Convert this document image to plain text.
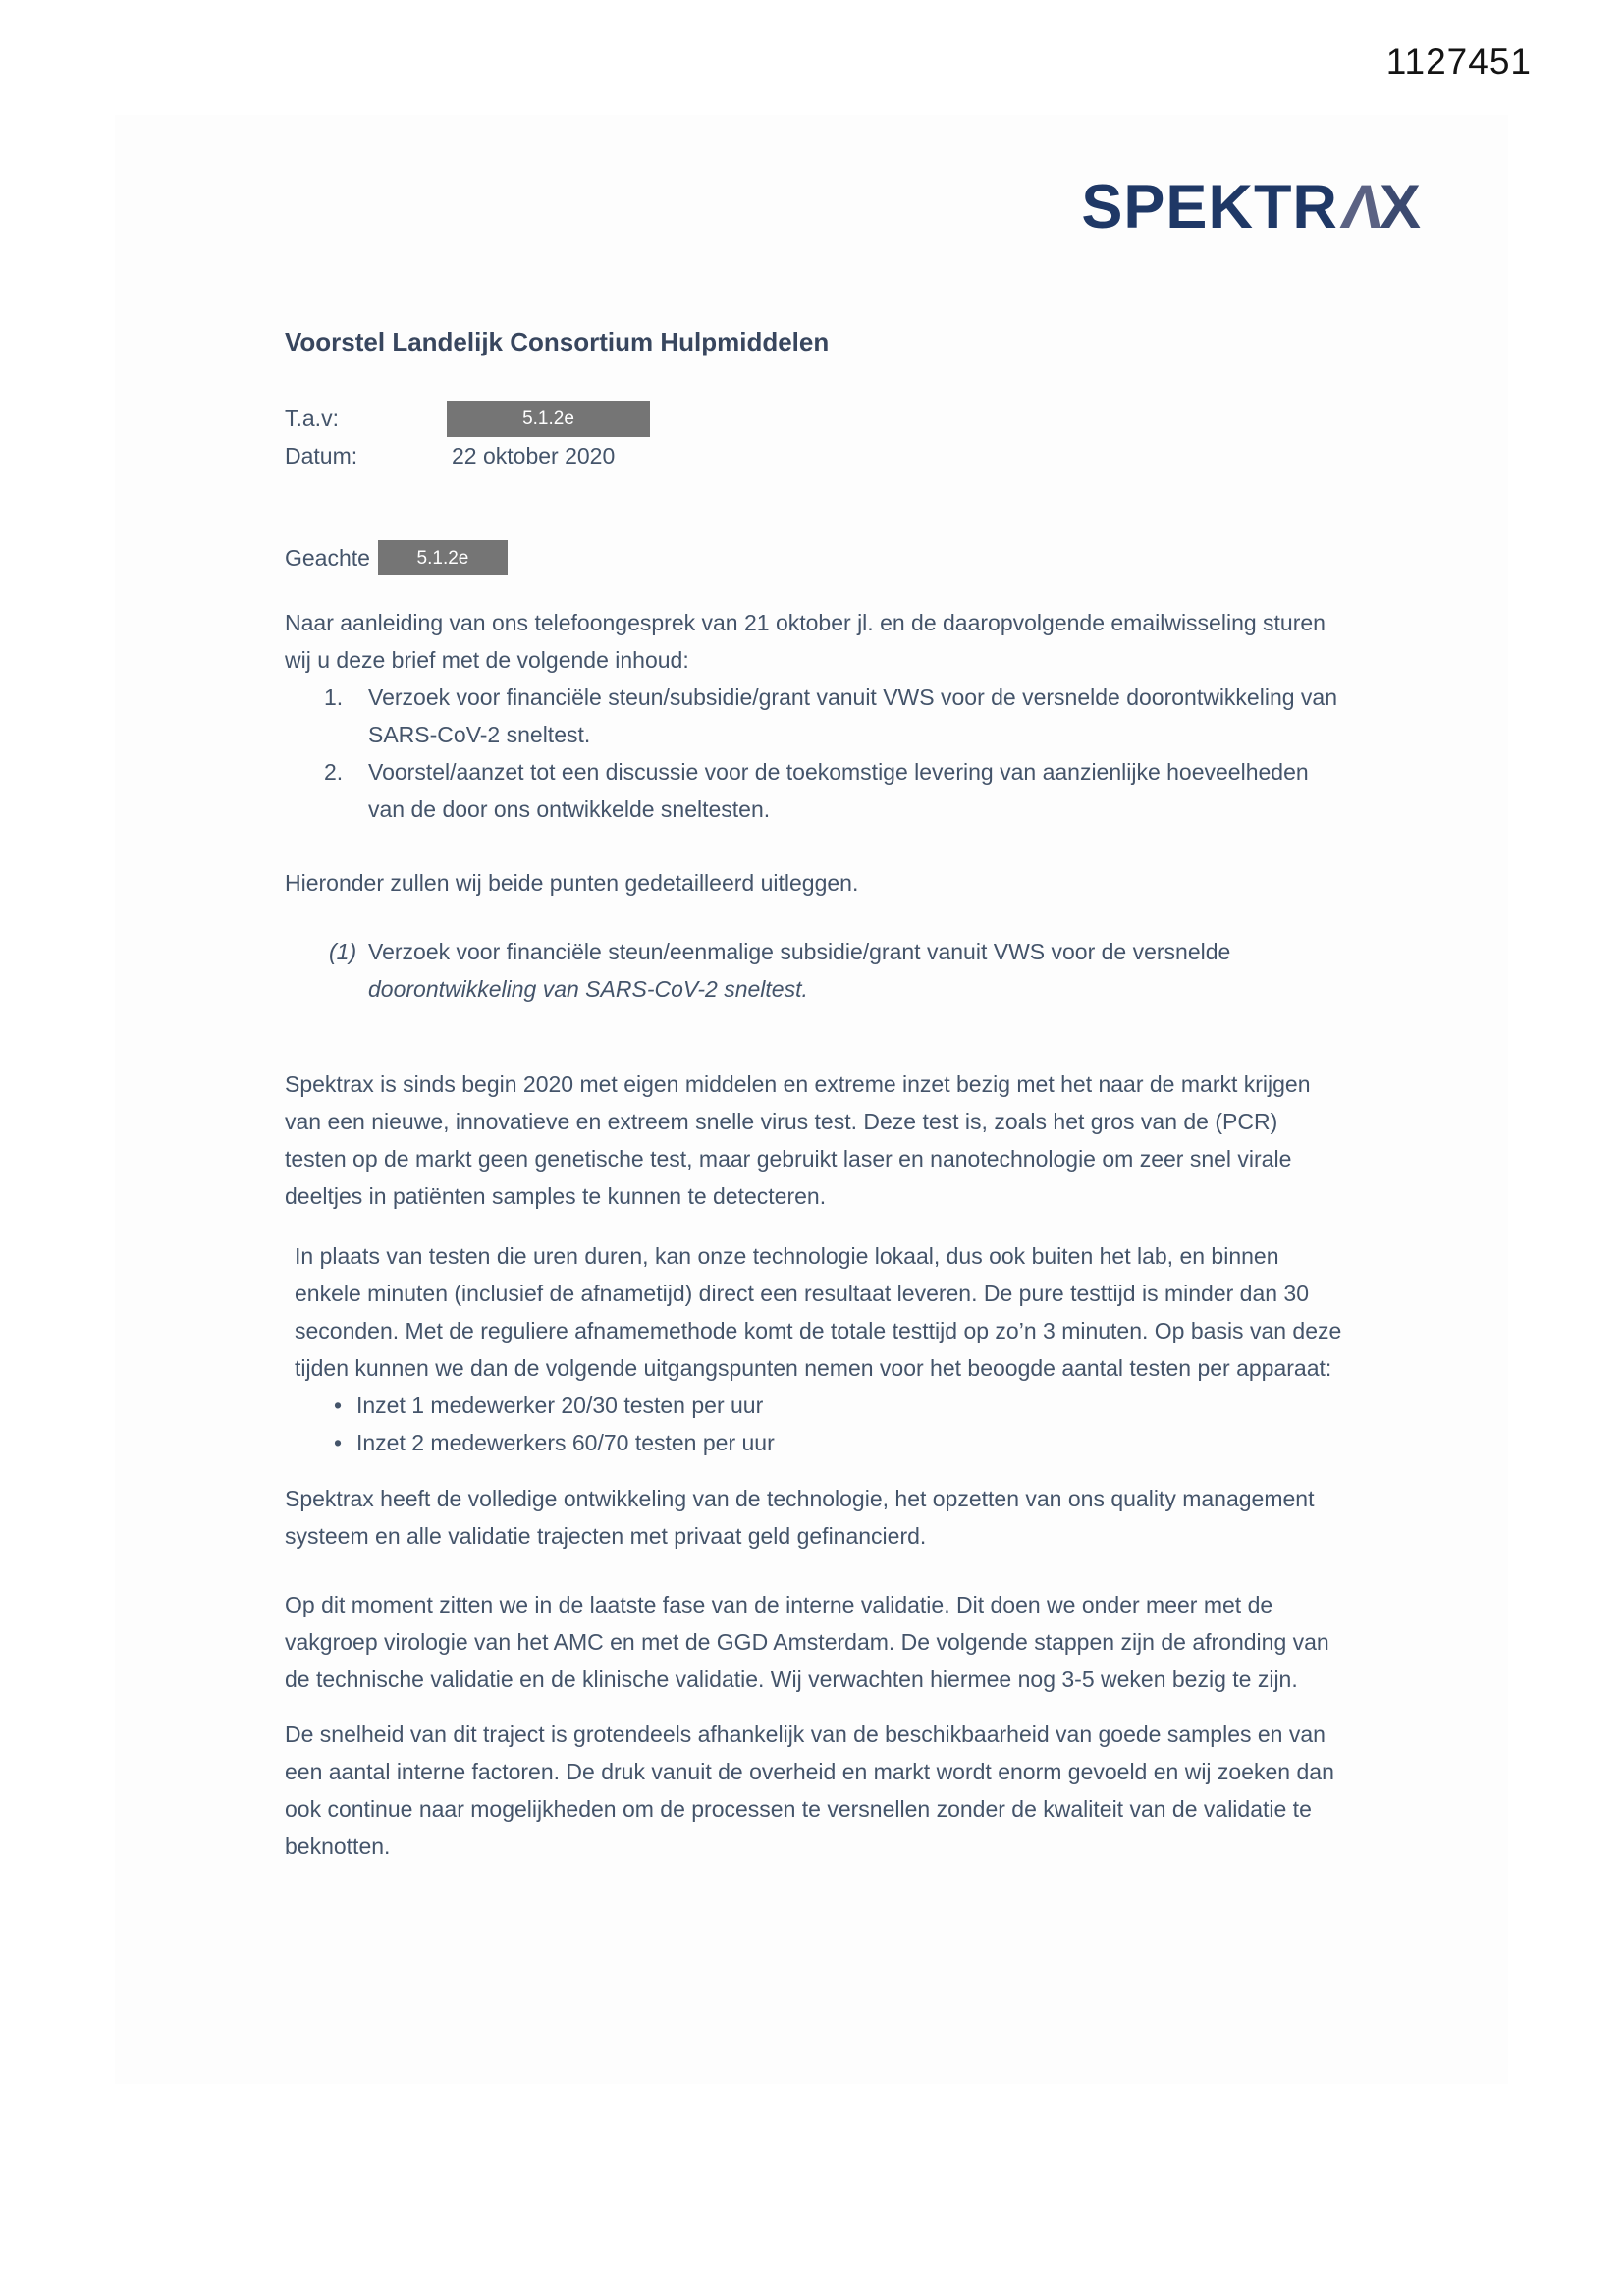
1127451
SPEKTRΛX
Voorstel Landelijk Consortium Hulpmiddelen
T.a.v:	5.1.2e
Datum:	22 oktober 2020
Geachte	5.1.2e

Naar aanleiding van ons telefoongesprek van 21 oktober jl. en de daaropvolgende emailwisseling sturen wij u deze brief met de volgende inhoud:

1.	Verzoek voor financiële steun/subsidie/grant vanuit VWS voor de versnelde doorontwikkeling van SARS-CoV-2 sneltest.
2.	Voorstel/aanzet tot een discussie voor de toekomstige levering van aanzienlijke hoeveelheden van de door ons ontwikkelde sneltesten.

Hieronder zullen wij beide punten gedetailleerd uitleggen.

(1) Verzoek voor financiële steun/eenmalige subsidie/grant vanuit VWS voor de versnelde doorontwikkeling van SARS-CoV-2 sneltest.

Spektrax is sinds begin 2020 met eigen middelen en extreme inzet bezig met het naar de markt krijgen van een nieuwe, innovatieve en extreem snelle virus test. Deze test is, zoals het gros van de (PCR) testen op de markt geen genetische test, maar gebruikt laser en nanotechnologie om zeer snel virale deeltjes in patiënten samples te kunnen te detecteren.

In plaats van testen die uren duren, kan onze technologie lokaal, dus ook buiten het lab, en binnen enkele minuten (inclusief de afnametijd) direct een resultaat leveren. De pure testtijd is minder dan 30 seconden. Met de reguliere afnamemethode komt de totale testtijd op zo’n 3 minuten. Op basis van deze tijden kunnen we dan de volgende uitgangspunten nemen voor het beoogde aantal testen per apparaat:

• Inzet 1 medewerker 20/30 testen per uur
• Inzet 2 medewerkers 60/70 testen per uur

Spektrax heeft de volledige ontwikkeling van de technologie, het opzetten van ons quality management systeem en alle validatie trajecten met privaat geld gefinancierd.

Op dit moment zitten we in de laatste fase van de interne validatie. Dit doen we onder meer met de vakgroep virologie van het AMC en met de GGD Amsterdam. De volgende stappen zijn de afronding van de technische validatie en de klinische validatie. Wij verwachten hiermee nog 3-5 weken bezig te zijn.

De snelheid van dit traject is grotendeels afhankelijk van de beschikbaarheid van goede samples en van een aantal interne factoren. De druk vanuit de overheid en markt wordt enorm gevoeld en wij zoeken dan ook continue naar mogelijkheden om de processen te versnellen zonder de kwaliteit van de validatie te beknotten.
